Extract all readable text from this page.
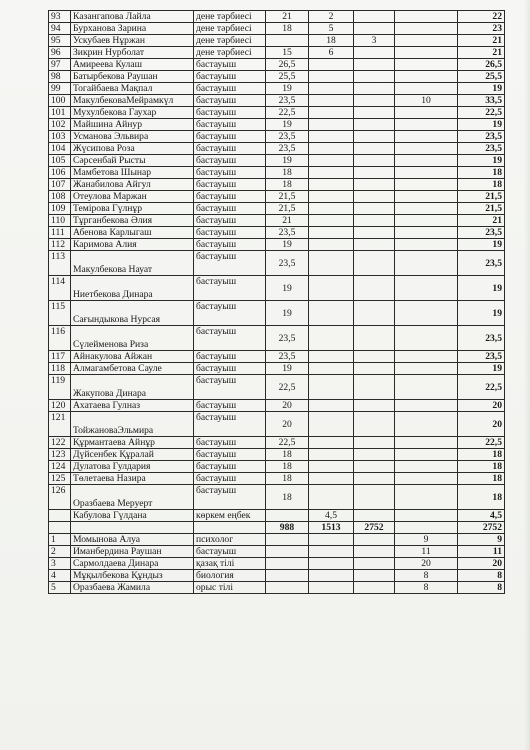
93	Казангапова Лайла	дене тәрбиесі	21	2			22
94	Бурханова Зарина	дене тәрбиесі	18	5			23
95	Ускубаев Нұржан	дене тәрбиесі		18	3		21
96	Зикрин Нурболат	дене тәрбиесі	15	6			21
97	Амиреева Кулаш	бастауыш	26,5				26,5
98	Батырбекова Раушан	бастауыш	25,5				25,5
99	Тогайбаева Мақпал	бастауыш	19				19
100	МакулбековаМейрамкүл	бастауыш	23,5			10	33,5
101	Мухулбекова Гаухар	бастауыш	22,5				22,5
102	Майшина Айнур	бастауыш	19				19
103	Усманова Эльвира	бастауыш	23,5				23,5
104	Жүсипова Роза	бастауыш	23,5				23,5
105	Сәрсенбай Рысты	бастауыш	19				19
106	Мамбетова Шынар	бастауыш	18				18
107	Жанабилова Айгул	бастауыш	18				18
108	Отеулова Маржан	бастауыш	21,5				21,5
109	Темірова Гүлнұр	бастауыш	21,5				21,5
110	Тұрганбекова Әлия	бастауыш	21				21
111	Абенова Карлыгаш	бастауыш	23,5				23,5
112	Каримова Алия	бастауыш	19				19
113	Макулбекова Науат	бастауыш	23,5				23,5
114	Ниетбекова Динара	бастауыш	19				19
115	Сағындыкова Нурсая	бастауыш	19				19
116	Сүлейменова Риза	бастауыш	23,5				23,5
117	Айнакулова Айжан	бастауыш	23,5				23,5
118	Алмагамбетова Сауле	бастауыш	19				19
119	Жакупова Динара	бастауыш	22,5				22,5
120	Ахатаева Гулназ	бастауыш	20				20
121	ТойжановаЭльмира	бастауыш	20				20
122	Құрмантаева Айнұр	бастауыш	22,5				22,5
123	Дүйсенбек Құралай	бастауыш	18				18
124	Дулатова Гулдария	бастауыш	18				18
125	Төлетаева Назира	бастауыш	18				18
126	Оразбаева Меруерт	бастауыш	18				18
	Кабулова Гүлдана	көркем еңбек		4,5			4,5
			988	1513	2752		2752
1	Момынова Алуа	психолог				9	9
2	Иманбердина Раушан	бастауыш				11	11
3	Сармолдаева Динара	қазақ тілі				20	20
4	Мұқылбекова Құндыз	биология				8	8
5	Оразбаева Жамила	орыс тілі				8	8
